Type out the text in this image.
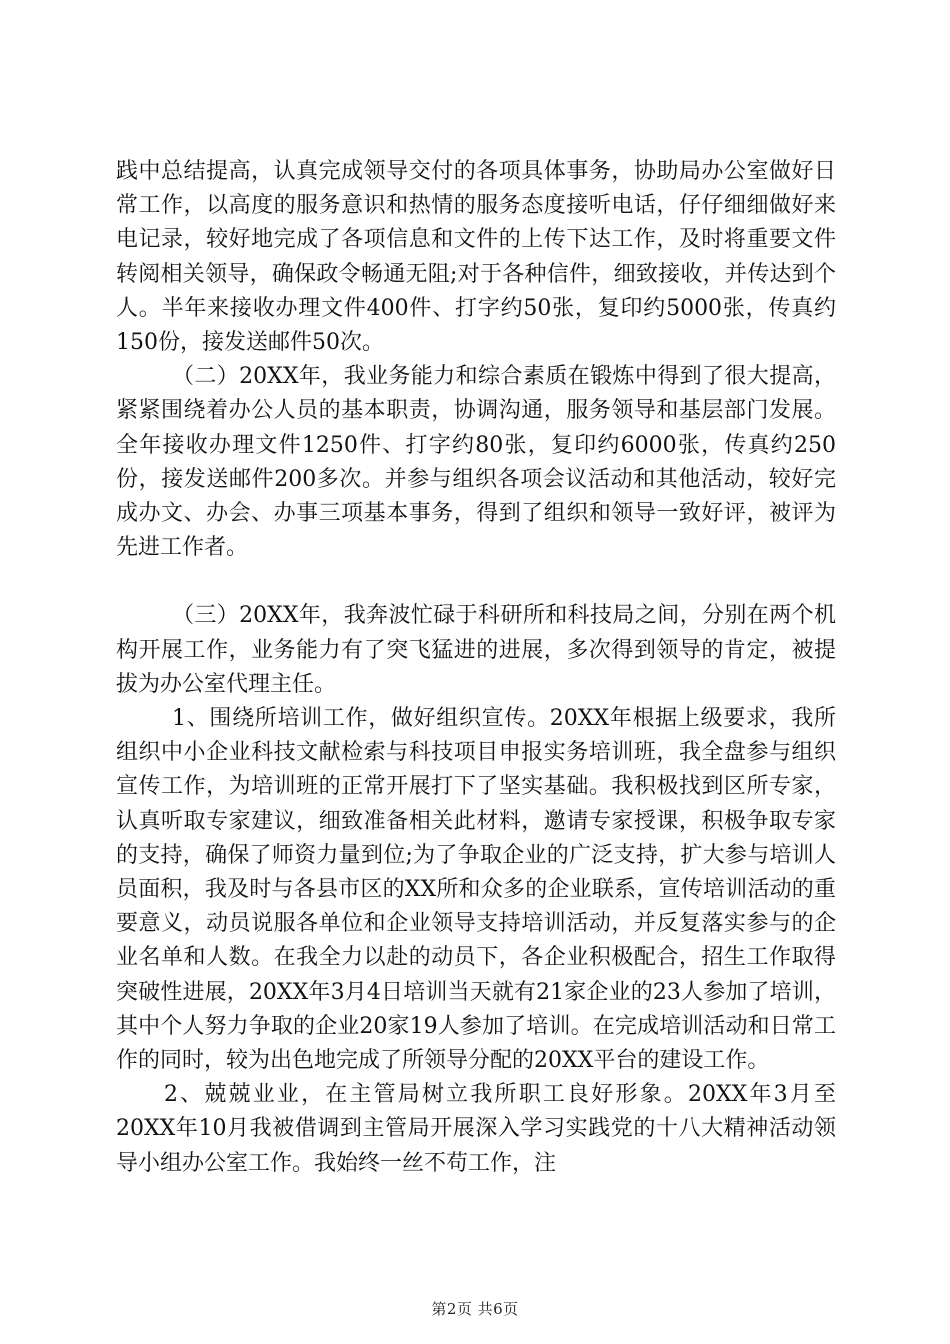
践中总结提高，认真完成领导交付的各项具体事务，协助局办公室做好日常工作，以高度的服务意识和热情的服务态度接听电话，仔仔细细做好来电记录，较好地完成了各项信息和文件的上传下达工作，及时将重要文件转阅相关领导，确保政令畅通无阻;对于各种信件，细致接收，并传达到个人。半年来接收办理文件400件、打字约50张，复印约5000张，传真约150份，接发送邮件50次。

（二）20XX年，我业务能力和综合素质在锻炼中得到了很大提高，紧紧围绕着办公人员的基本职责，协调沟通，服务领导和基层部门发展。全年接收办理文件1250件、打字约80张，复印约6000张，传真约250份，接发送邮件200多次。并参与组织各项会议活动和其他活动，较好完成办文、办会、办事三项基本事务，得到了组织和领导一致好评，被评为先进工作者。

（三）20XX年，我奔波忙碌于科研所和科技局之间，分别在两个机构开展工作，业务能力有了突飞猛进的进展，多次得到领导的肯定，被提拔为办公室代理主任。

1、围绕所培训工作，做好组织宣传。20XX年根据上级要求，我所组织中小企业科技文献检索与科技项目申报实务培训班，我全盘参与组织宣传工作，为培训班的正常开展打下了坚实基础。我积极找到区所专家，认真听取专家建议，细致准备相关此材料，邀请专家授课，积极争取专家的支持，确保了师资力量到位;为了争取企业的广泛支持，扩大参与培训人员面积，我及时与各县市区的XX所和众多的企业联系，宣传培训活动的重要意义，动员说服各单位和企业领导支持培训活动，并反复落实参与的企业名单和人数。在我全力以赴的动员下，各企业积极配合，招生工作取得突破性进展，20XX年3月4日培训当天就有21家企业的23人参加了培训，其中个人努力争取的企业20家19人参加了培训。在完成培训活动和日常工作的同时，较为出色地完成了所领导分配的20XX平台的建设工作。

2、兢兢业业，在主管局树立我所职工良好形象。20XX年3月至20XX年10月我被借调到主管局开展深入学习实践党的十八大精神活动领导小组办公室工作。我始终一丝不苟工作，注

第2页 共6页
